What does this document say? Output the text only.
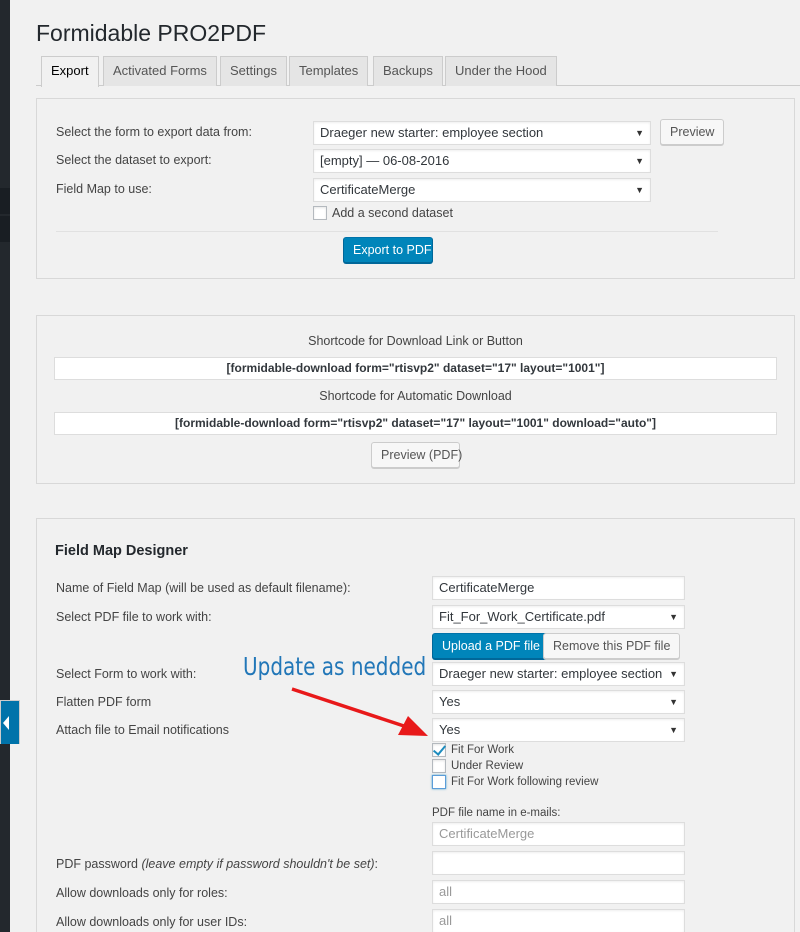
Formidable PRO2PDF
Export	Activated Forms	Settings	Templates	Backups	Under the Hood
Select the form to export data from:	Draeger new starter: employee section	▼	Preview
Select the dataset to export:	[empty] — 06-08-2016	▼
Field Map to use:	CertificateMerge	▼
Add a second dataset
Export to PDF
Shortcode for Download Link or Button
[formidable-download form="rtisvp2" dataset="17" layout="1001"]
Shortcode for Automatic Download
[formidable-download form="rtisvp2" dataset="17" layout="1001" download="auto"]
Preview (PDF)
Field Map Designer
Name of Field Map (will be used as default filename):	CertificateMerge
Select PDF file to work with:	Fit_For_Work_Certificate.pdf	▼
Upload a PDF file	Remove this PDF file
Select Form to work with:	Draeger new starter: employee section ▼
Flatten PDF form	Yes	▼
Attach file to Email notifications	Yes	▼
Fit For Work
Under Review
Fit For Work following review
PDF file name in e-mails:
CertificateMerge
PDF password (leave empty if password shouldn't be set):
Allow downloads only for roles:	all
Allow downloads only for user IDs:	all
Update as nedded
